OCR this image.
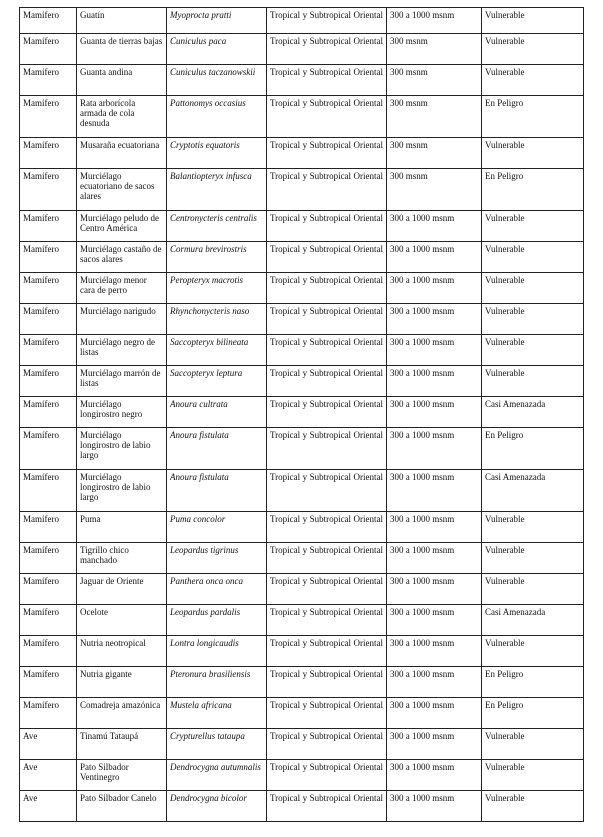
Mamífero	Guatín	Myoprocta pratti	Tropical y Subtropical Oriental	300 a 1000 msnm	Vulnerable
Mamífero	Guanta de tierras bajas	Cuniculus paca	Tropical y Subtropical Oriental	300 msnm	Vulnerable
Mamífero	Guanta andina	Cuniculus taczanowskii	Tropical y Subtropical Oriental	300 msnm	Vulnerable
Mamífero	Rata arborícola armada de cola desnuda	Pattonomys occasius	Tropical y Subtropical Oriental	300 msnm	En Peligro
Mamífero	Musaraña ecuatoriana	Cryptotis equatoris	Tropical y Subtropical Oriental	300 msnm	Vulnerable
Mamífero	Murciélago ecuatoriano de sacos alares	Balantiopteryx infusca	Tropical y Subtropical Oriental	300 msnm	En Peligro
Mamífero	Murciélago peludo de Centro América	Centronycteris centralis	Tropical y Subtropical Oriental	300 a 1000 msnm	Vulnerable
Mamífero	Murciélago castaño de sacos alares	Cormura brevirostris	Tropical y Subtropical Oriental	300 a 1000 msnm	Vulnerable
Mamífero	Murciélago menor cara de perro	Peropteryx macrotis	Tropical y Subtropical Oriental	300 a 1000 msnm	Vulnerable
Mamífero	Murciélago narigudo	Rhynchonycteris naso	Tropical y Subtropical Oriental	300 a 1000 msnm	Vulnerable
Mamífero	Murciélago negro de listas	Saccopteryx bilineata	Tropical y Subtropical Oriental	300 a 1000 msnm	Vulnerable
Mamífero	Murciélago marrón de listas	Saccopteryx leptura	Tropical y Subtropical Oriental	300 a 1000 msnm	Vulnerable
Mamífero	Murciélago longirostro negro	Anoura cultrata	Tropical y Subtropical Oriental	300 a 1000 msnm	Casi Amenazada
Mamífero	Murciélago longirostro de labio largo	Anoura fistulata	Tropical y Subtropical Oriental	300 a 1000 msnm	En Peligro
Mamífero	Murciélago longirostro de labio largo	Anoura fistulata	Tropical y Subtropical Oriental	300 a 1000 msnm	Casi Amenazada
Mamífero	Puma	Puma concolor	Tropical y Subtropical Oriental	300 a 1000 msnm	Vulnerable
Mamífero	Tigrillo chico manchado	Leopardus tigrinus	Tropical y Subtropical Oriental	300 a 1000 msnm	Vulnerable
Mamífero	Jaguar de Oriente	Panthera onca onca	Tropical y Subtropical Oriental	300 a 1000 msnm	Vulnerable
Mamífero	Ocelote	Leopardus pardalis	Tropical y Subtropical Oriental	300 a 1000 msnm	Casi Amenazada
Mamífero	Nutria neotropical	Lontra longicaudis	Tropical y Subtropical Oriental	300 a 1000 msnm	Vulnerable
Mamífero	Nutria gigante	Pteronura brasiliensis	Tropical y Subtropical Oriental	300 a 1000 msnm	En Peligro
Mamífero	Comadreja amazónica	Mustela africana	Tropical y Subtropical Oriental	300 a 1000 msnm	En Peligro
Ave	Tinamú Tataupá	Crypturellus tataupa	Tropical y Subtropical Oriental	300 a 1000 msnm	Vulnerable
Ave	Pato Silbador Ventinegro	Dendrocygna autumnalis	Tropical y Subtropical Oriental	300 a 1000 msnm	Vulnerable
Ave	Pato Silbador Canelo	Dendrocygna bicolor	Tropical y Subtropical Oriental	300 a 1000 msnm	Vulnerable
